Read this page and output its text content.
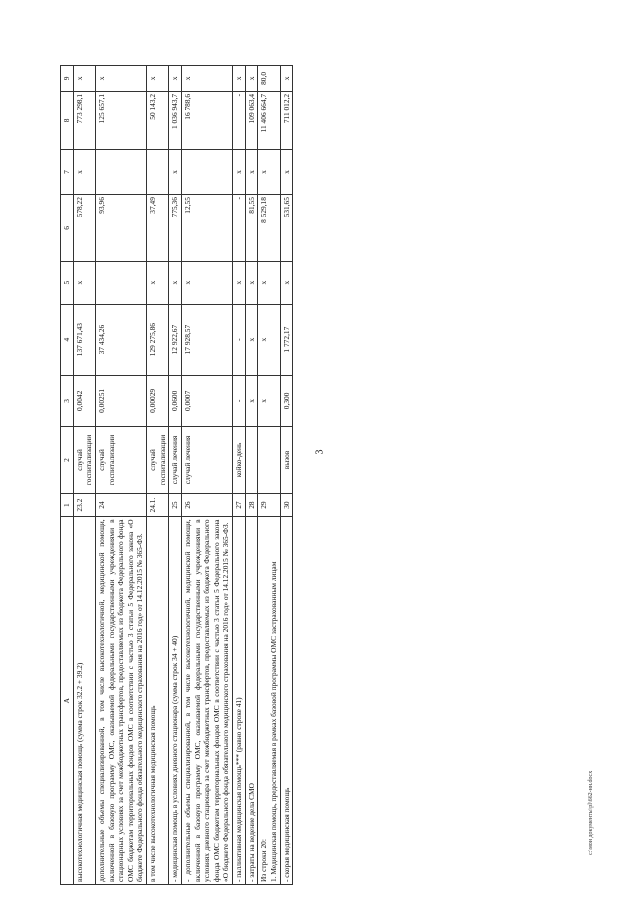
3
А	1	2	3	4	5	6	7	8	9
высокотехнологичная медицинская помощь (сумма строк 32.2 + 39.2)	23.2	случай госпитализации	0,0042	137 671,43	х	578,22	х	773 298,1	х
дополнительные объемы специализированной, в том числе высокотехнологичной, медицинской помощи, включенной в базовую программу ОМС, оказываемой федеральными государственными учреждениями в стационарных условиях за счет межбюджетных трансфертов, предоставляемых из бюджета Федерального фонда ОМС бюджетам территориальных фондов ОМС в соответствии с частью 3 статьи 5 Федерального закона «О бюджете Федерального фонда обязательного медицинского страхования на 2016 год» от 14.12.2015 № 365-ФЗ.	24	случай госпитализации	0,00251	37 434,26		93,96		125 657,1	х
в том числе высокотехнологичная медицинская помощь	24.1.	случай госпитализации	0,00029	129 275,86	х	37,49		50 143,2	х
- медицинская помощь в условиях дневного стационара (сумма строк 34 + 40)	25	случай лечения	0,0600	12 922,67	х	775,36	х	1 036 943,7	х
- дополнительные объемы специализированной, в том числе высокотехнологичной, медицинской помощи, включенной в базовую программу ОМС, оказываемой федеральными государственными учреждениями в условиях дневного стационара за счет межбюджетных трансфертов, предоставляемых из бюджета Федерального фонда ОМС бюджетам территориальных фондов ОМС в соответствии с частью 3 статьи 5 Федерального закона «О бюджете Федерального фонда обязательного медицинского страхования на 2016 год» от 14.12.2015 № 365-ФЗ.	26	случай лечения	0,0007	17 928,57	х	12,55		16 788,6	х
- паллиативная медицинская помощь*** (равно строке 41)	27	койко-день	-	-	х	-	х	-	х
- затраты на ведение дела СМО	28		х	х	х	81,55	х	109 063,4	х
Из строки 20:
1. Медицинская помощь, предоставляемая в рамках базовой программы ОМС застрахованным лицам	29		х	х	х	8 529,18	х	11 406 664,7	80,0
- скорая медицинская помощь	30	вызов	0,300	1 772,17	х	531,65	х	711 012,2	х
c:\мои документы\pl\662-нн.docx
